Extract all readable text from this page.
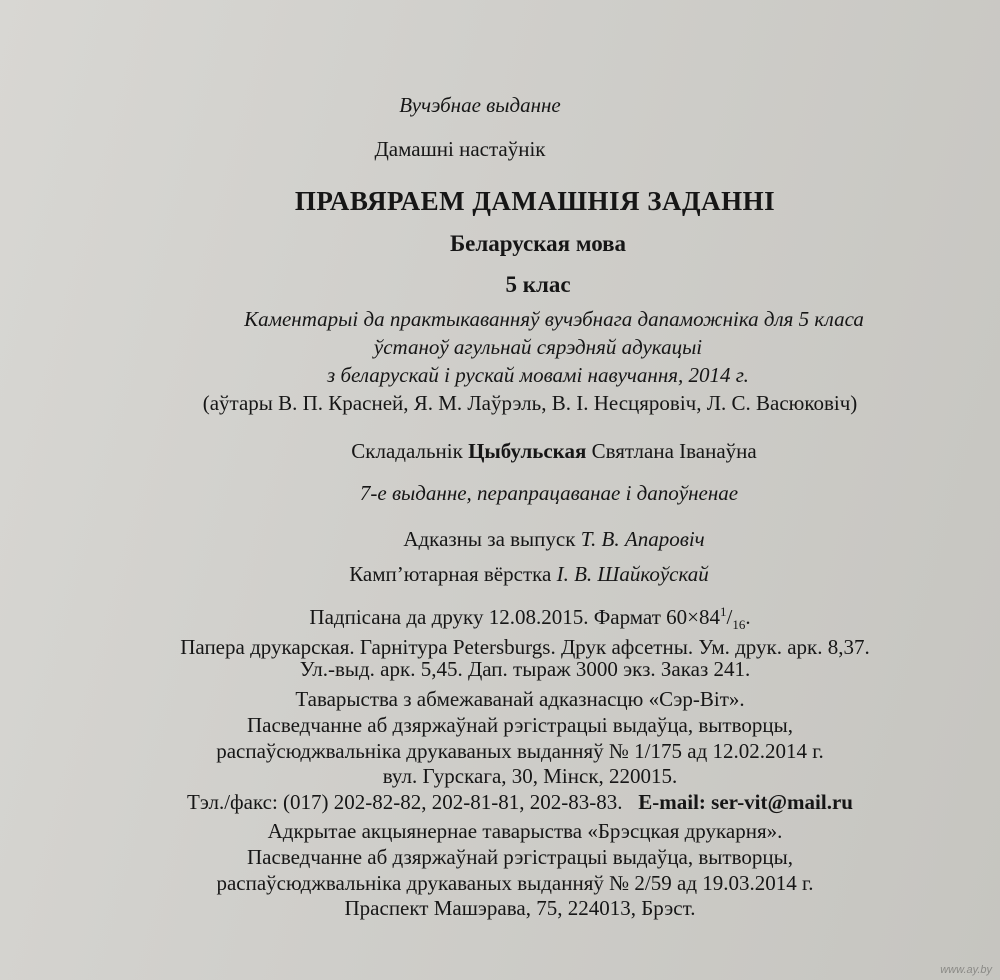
Вучэбнае выданне
Дамашні настаўнік
ПРАВЯРАЕМ ДАМАШНІЯ ЗАДАННІ
Беларуская мова
5 клас
Каментарыі да практыкаванняў вучэбнага дапаможніка для 5 класа
ўстаноў агульнай сярэдняй адукацыі
з беларускай і рускай мовамі навучання, 2014 г.
(аўтары В. П. Красней, Я. М. Лаўрэль, В. І. Несцяровіч, Л. С. Васюковіч)
Складальнік Цыбульская Святлана Іванаўна
7-е выданне, перапрацаванае і дапоўненае
Адказны за выпуск Т. В. Апаровіч
Камп’ютарная вёрстка І. В. Шайкоўскай
Падпісана да друку 12.08.2015. Фармат $60\times 84^1/_{16}$.
Папера друкарская. Гарнітура Petersburgs. Друк афсетны. Ум. друк. арк. 8,37.
Ул.-выд. арк. 5,45. Дап. тыраж 3000 экз. Заказ 241.
Таварыства з абмежаванай адказнасцю «Сэр-Віт».
Пасведчанне аб дзяржаўнай рэгістрацыі выдаўца, вытворцы,
распаўсюджвальніка друкаваных выданняў № 1/175 ад 12.02.2014 г.
вул. Гурскага, 30, Мінск, 220015.
Тэл./факс: (017) 202-82-82, 202-81-81, 202-83-83. E-mail: ser-vit@mail.ru
Адкрытае акцыянернае таварыства «Брэсцкая друкарня».
Пасведчанне аб дзяржаўнай рэгістрацыі выдаўца, вытворцы,
распаўсюджвальніка друкаваных выданняў № 2/59 ад 19.03.2014 г.
Праспект Машэрава, 75, 224013, Брэст.
www.ay.by
